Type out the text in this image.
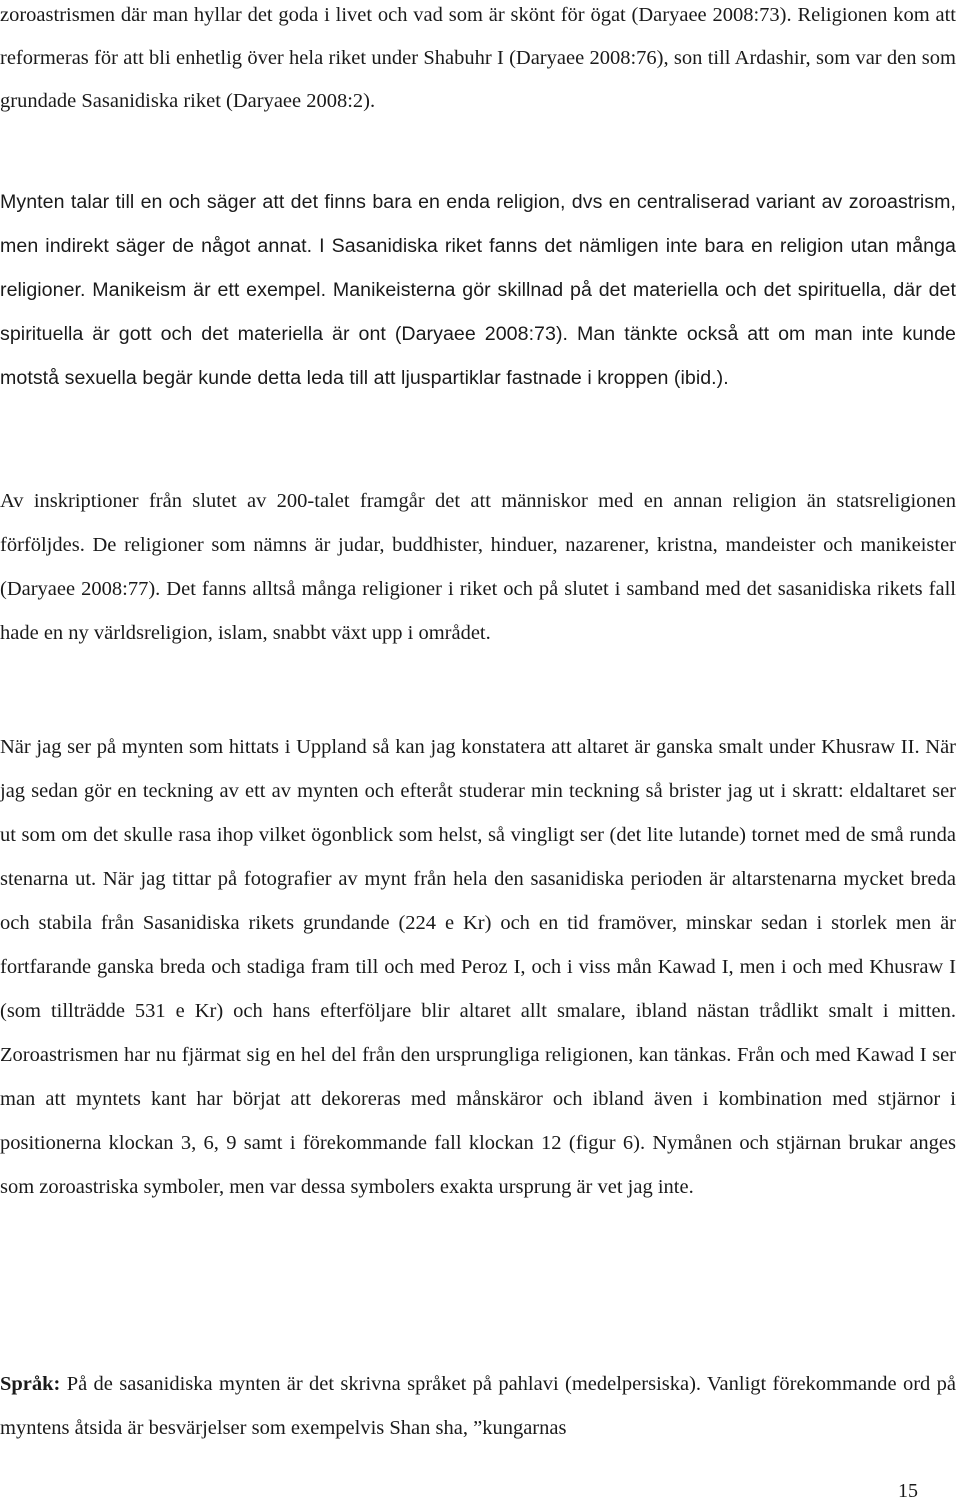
zoroastrismen där man hyllar det goda i livet och vad som är skönt för ögat (Daryaee 2008:73). Religionen kom att reformeras för att bli enhetlig över hela riket under Shabuhr I (Daryaee 2008:76), son till Ardashir, som var den som grundade Sasanidiska riket (Daryaee 2008:2).

Mynten talar till en och säger att det finns bara en enda religion, dvs en centraliserad variant av zoroastrism, men indirekt säger de något annat. I Sasanidiska riket fanns det nämligen inte bara en religion utan många religioner. Manikeism är ett exempel. Manikeisterna gör skillnad på det materiella och det spirituella, där det spirituella är gott och det materiella är ont (Daryaee 2008:73). Man tänkte också att om man inte kunde motstå sexuella begär kunde detta leda till att ljuspartiklar fastnade i kroppen (ibid.).

Av inskriptioner från slutet av 200-talet framgår det att människor med en annan religion än statsreligionen förföljdes. De religioner som nämns är judar, buddhister, hinduer, nazarener, kristna, mandeister och manikeister (Daryaee 2008:77). Det fanns alltså många religioner i riket och på slutet i samband med det sasanidiska rikets fall hade en ny världsreligion, islam, snabbt växt upp i området.

När jag ser på mynten som hittats i Uppland så kan jag konstatera att altaret är ganska smalt under Khusraw II. När jag sedan gör en teckning av ett av mynten och efteråt studerar min teckning så brister jag ut i skratt: eldaltaret ser ut som om det skulle rasa ihop vilket ögonblick som helst, så vingligt ser (det lite lutande) tornet med de små runda stenarna ut. När jag tittar på fotografier av mynt från hela den sasanidiska perioden är altarstenarna mycket breda och stabila från Sasanidiska rikets grundande (224 e Kr) och en tid framöver, minskar sedan i storlek men är fortfarande ganska breda och stadiga fram till och med Peroz I, och i viss mån Kawad I, men i och med Khusraw I (som tillträdde 531 e Kr) och hans efterföljare blir altaret allt smalare, ibland nästan trådlikt smalt i mitten. Zoroastrismen har nu fjärmat sig en hel del från den ursprungliga religionen, kan tänkas. Från och med Kawad I ser man att myntets kant har börjat att dekoreras med månskäror och ibland även i kombination med stjärnor i positionerna klockan 3, 6, 9 samt i förekommande fall klockan 12 (figur 6). Nymånen och stjärnan brukar anges som zoroastriska symboler, men var dessa symbolers exakta ursprung är vet jag inte.

Språk: På de sasanidiska mynten är det skrivna språket på pahlavi (medelpersiska). Vanligt förekommande ord på myntens åtsida är besvärjelser som exempelvis Shan sha, ”kungarnas

15
